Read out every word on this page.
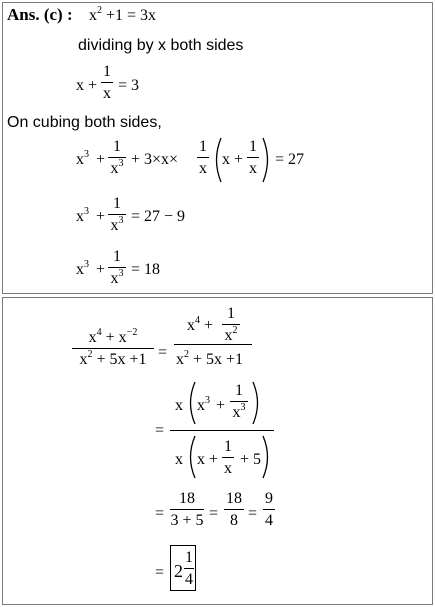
Ans. (c) : $x^2 +1 = 3x$
dividing by x both sides
x +
1
x = 3
On cubing both sides,
$x^3$ +
1
$x^3 + 3\times x\times$
1
x
x +
1
x
= 27
$x^3$ +
1
$x^3 = 27 - 9$
$x^3$ +
1
$x^3 = 18$
$x^4 + x^{-2}$
$x^2 + 5x +1$ =
$x^4$ +
1
$x^2$
$x^2 + 5x +1$
=
x $x^3$ +
1
$x^3$
x x +
1
x
+ 5
=
18
3 + 5 =
18
8 =
9
4
= 2
1
4
